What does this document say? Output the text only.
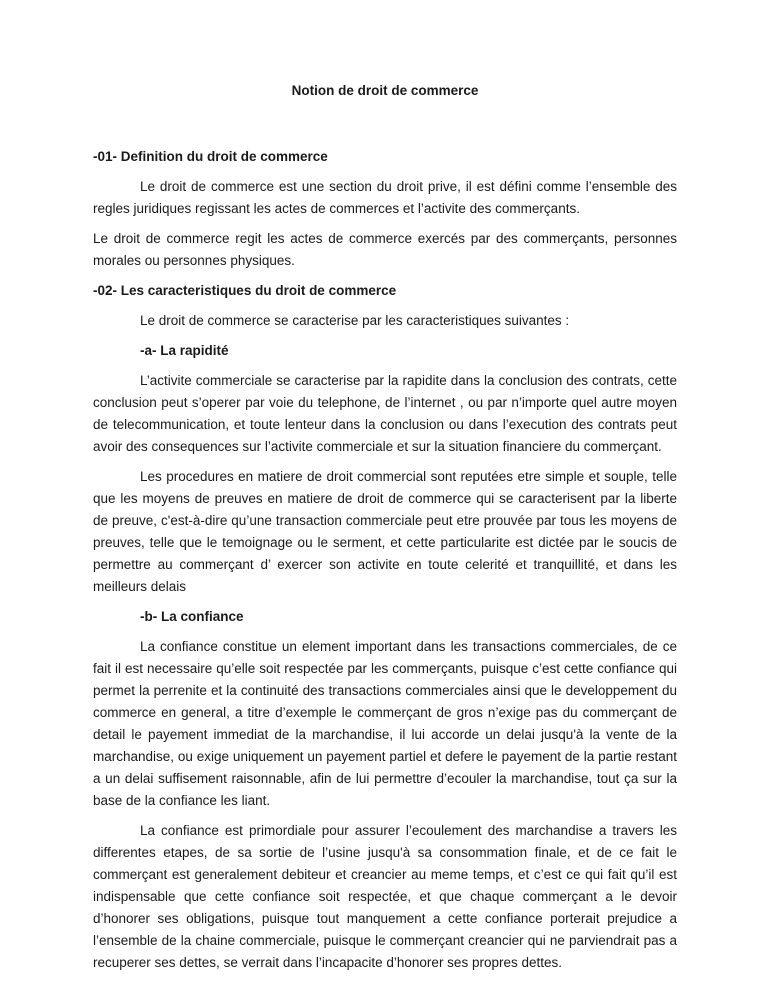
Notion de droit de commerce

-01- Definition du droit de commerce

Le droit de commerce est une section du droit prive, il est défini comme l’ensemble des regles juridiques regissant les actes de commerces et l’activite des commerçants.

Le droit de commerce regit les actes de commerce exercés par des commerçants, personnes morales ou personnes physiques.

-02- Les caracteristiques du droit de commerce

Le droit de commerce se caracterise par les caracteristiques suivantes :

-a- La rapidité

L’activite commerciale se caracterise par la rapidite dans la conclusion des contrats, cette conclusion peut s’operer par voie du telephone, de l’internet , ou par n’importe quel autre moyen de telecommunication, et toute lenteur dans la conclusion ou dans l’execution des contrats peut avoir des consequences sur l’activite commerciale et sur la situation financiere du commerçant.

Les procedures en matiere de droit commercial sont reputées etre simple et souple, telle que les moyens de preuves en matiere de droit de commerce qui se caracterisent par la liberte de preuve, c'est-à-dire qu’une transaction commerciale peut etre prouvée par tous les moyens de preuves, telle que le temoignage ou le serment, et cette particularite est dictée par le soucis de permettre au commerçant d’ exercer son activite en toute celerité et tranquillité, et dans les meilleurs delais

-b- La confiance

La confiance constitue un element important dans les transactions commerciales, de ce fait il est necessaire qu’elle soit respectée par les commerçants, puisque c’est cette confiance qui permet la perrenite et la continuité des transactions commerciales ainsi que le developpement du commerce en general, a titre d’exemple le commerçant de gros n’exige pas du commerçant de detail le payement immediat de la marchandise, il lui accorde un delai jusqu'à la vente de la marchandise, ou exige uniquement un payement partiel et defere le payement de la partie restant a un delai suffisement raisonnable, afin de lui permettre d’ecouler la marchandise, tout ça sur la base de la confiance les liant.

La confiance est primordiale pour assurer l’ecoulement des marchandise a travers les differentes etapes, de sa sortie de l’usine jusqu'à sa consommation finale, et de ce fait le commerçant est generalement debiteur et creancier au meme temps, et c’est ce qui fait qu’il est indispensable que cette confiance soit respectée, et que chaque commerçant a le devoir d’honorer ses obligations, puisque tout manquement a cette confiance porterait prejudice a l’ensemble de la chaine commerciale, puisque le commerçant creancier qui ne parviendrait pas a recuperer ses dettes, se verrait dans l’incapacite d’honorer ses propres dettes.
